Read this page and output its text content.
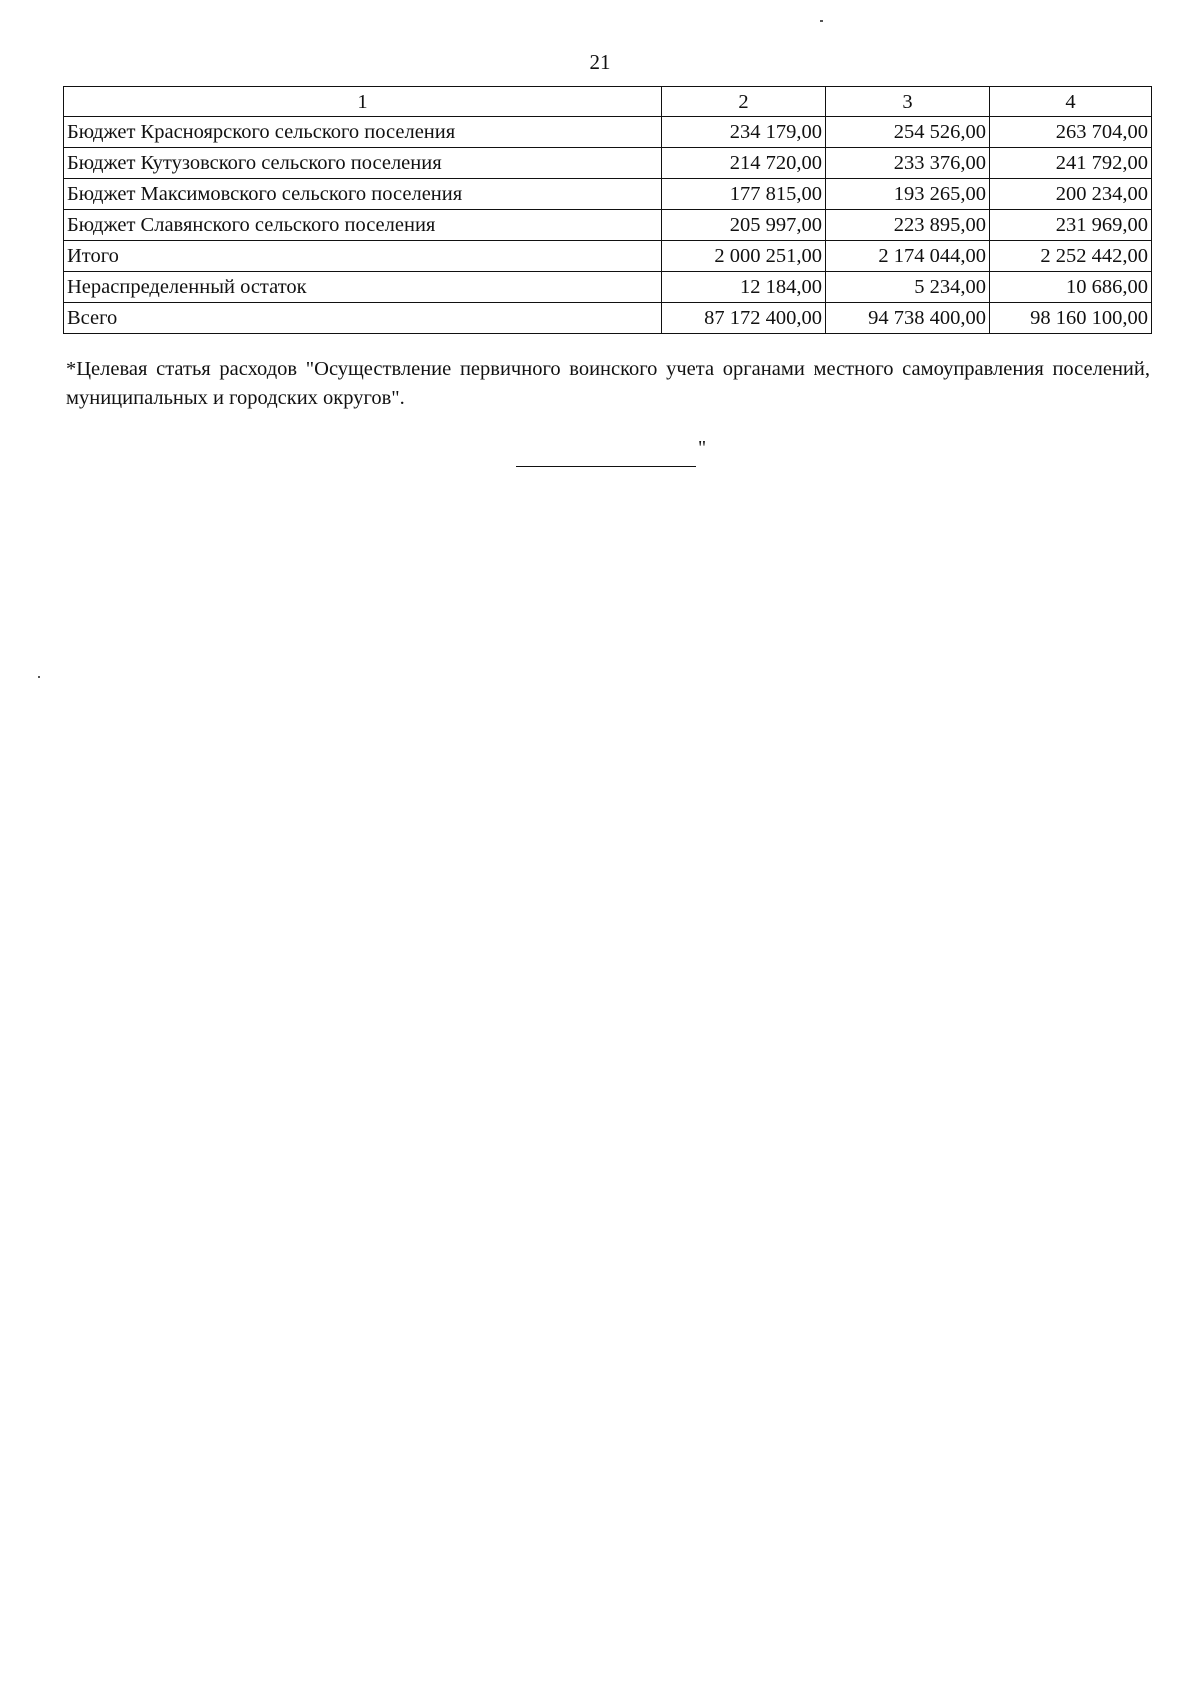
21
1	2	3	4
Бюджет Красноярского сельского поселения	234 179,00	254 526,00	263 704,00
Бюджет Кутузовского сельского поселения	214 720,00	233 376,00	241 792,00
Бюджет Максимовского сельского поселения	177 815,00	193 265,00	200 234,00
Бюджет Славянского сельского поселения	205 997,00	223 895,00	231 969,00
Итого	2 000 251,00	2 174 044,00	2 252 442,00
Нераспределенный остаток	12 184,00	5 234,00	10 686,00
Всего	87 172 400,00	94 738 400,00	98 160 100,00
*Целевая статья расходов "Осуществление первичного воинского учета органами местного самоуправления поселений, муниципальных и городских округов".
"
